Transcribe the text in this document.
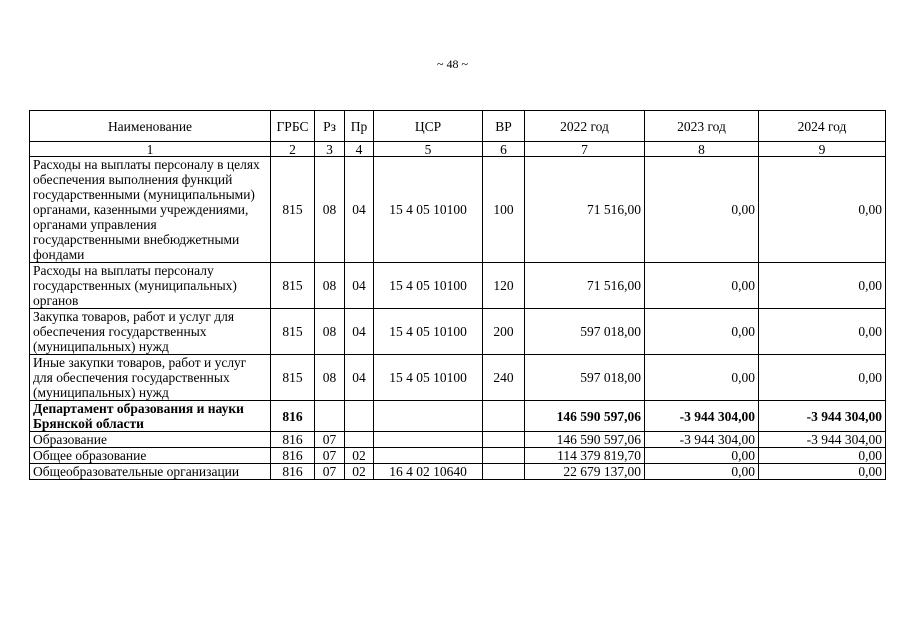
~ 48 ~
Наименование	ГРБС	Рз	Пр	ЦСР	ВР	2022 год	2023 год	2024 год
1	2	3	4	5	6	7	8	9
Расходы на выплаты персоналу в целях обеспечения выполнения функций государственными (муниципальными) органами, казенными учреждениями, органами управления государственными внебюджетными фондами	815	08	04	15 4 05 10100	100	71 516,00	0,00	0,00
Расходы на выплаты персоналу государственных (муниципальных) органов	815	08	04	15 4 05 10100	120	71 516,00	0,00	0,00
Закупка товаров, работ и услуг для обеспечения государственных (муниципальных) нужд	815	08	04	15 4 05 10100	200	597 018,00	0,00	0,00
Иные закупки товаров, работ и услуг для обеспечения государственных (муниципальных) нужд	815	08	04	15 4 05 10100	240	597 018,00	0,00	0,00
Департамент образования и науки Брянской области	816					146 590 597,06	-3 944 304,00	-3 944 304,00
Образование	816	07				146 590 597,06	-3 944 304,00	-3 944 304,00
Общее образование	816	07	02			114 379 819,70	0,00	0,00
Общеобразовательные организации	816	07	02	16 4 02 10640		22 679 137,00	0,00	0,00
